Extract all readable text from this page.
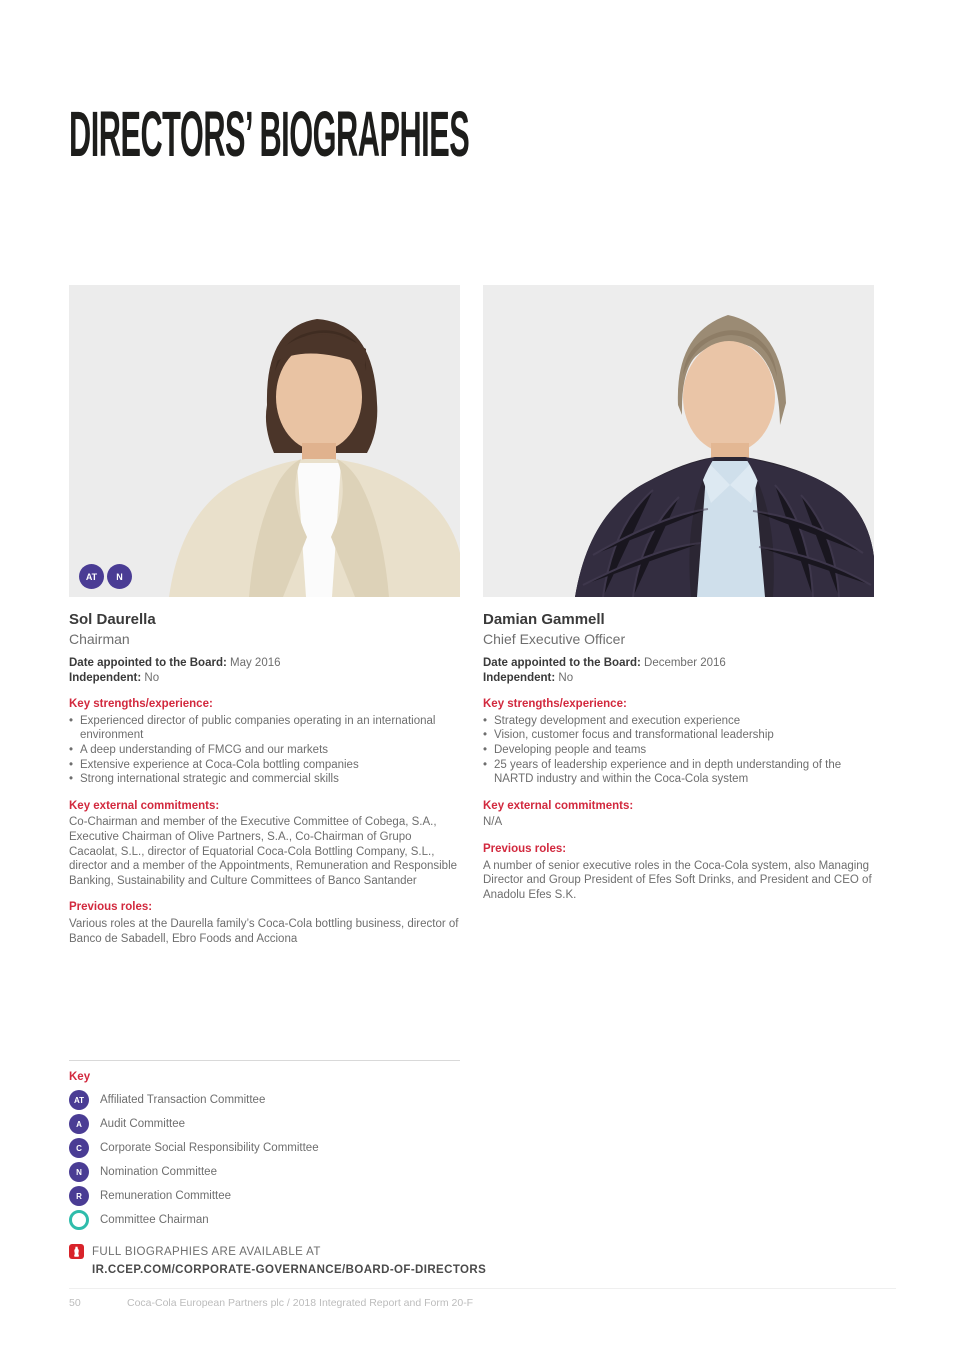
DIRECTORS’ BIOGRAPHIES
AT	N
Sol Daurella
Chairman
Date appointed to the Board: May 2016
Independent: No
Key strengths/experience:
• Experienced director of public companies operating in an international environment
• A deep understanding of FMCG and our markets
• Extensive experience at Coca-Cola bottling companies
• Strong international strategic and commercial skills
Key external commitments:
Co-Chairman and member of the Executive Committee of Cobega, S.A., Executive Chairman of Olive Partners, S.A., Co-Chairman of Grupo Cacaolat, S.L., director of Equatorial Coca-Cola Bottling Company, S.L., director and a member of the Appointments, Remuneration and Responsible Banking, Sustainability and Culture Committees of Banco Santander
Previous roles:
Various roles at the Daurella family’s Coca-Cola bottling business, director of Banco de Sabadell, Ebro Foods and Acciona
Damian Gammell
Chief Executive Officer
Date appointed to the Board: December 2016
Independent: No
Key strengths/experience:
• Strategy development and execution experience
• Vision, customer focus and transformational leadership
• Developing people and teams
• 25 years of leadership experience and in depth understanding of the NARTD industry and within the Coca-Cola system
Key external commitments:
N/A
Previous roles:
A number of senior executive roles in the Coca-Cola system, also Managing Director and Group President of Efes Soft Drinks, and President and CEO of Anadolu Efes S.K.
Key
AT	Affiliated Transaction Committee
A	Audit Committee
C	Corporate Social Responsibility Committee
N	Nomination Committee
R	Remuneration Committee
Committee Chairman
FULL BIOGRAPHIES ARE AVAILABLE AT
IR.CCEP.COM/CORPORATE-GOVERNANCE/BOARD-OF-DIRECTORS
50	Coca-Cola European Partners plc / 2018 Integrated Report and Form 20-F
